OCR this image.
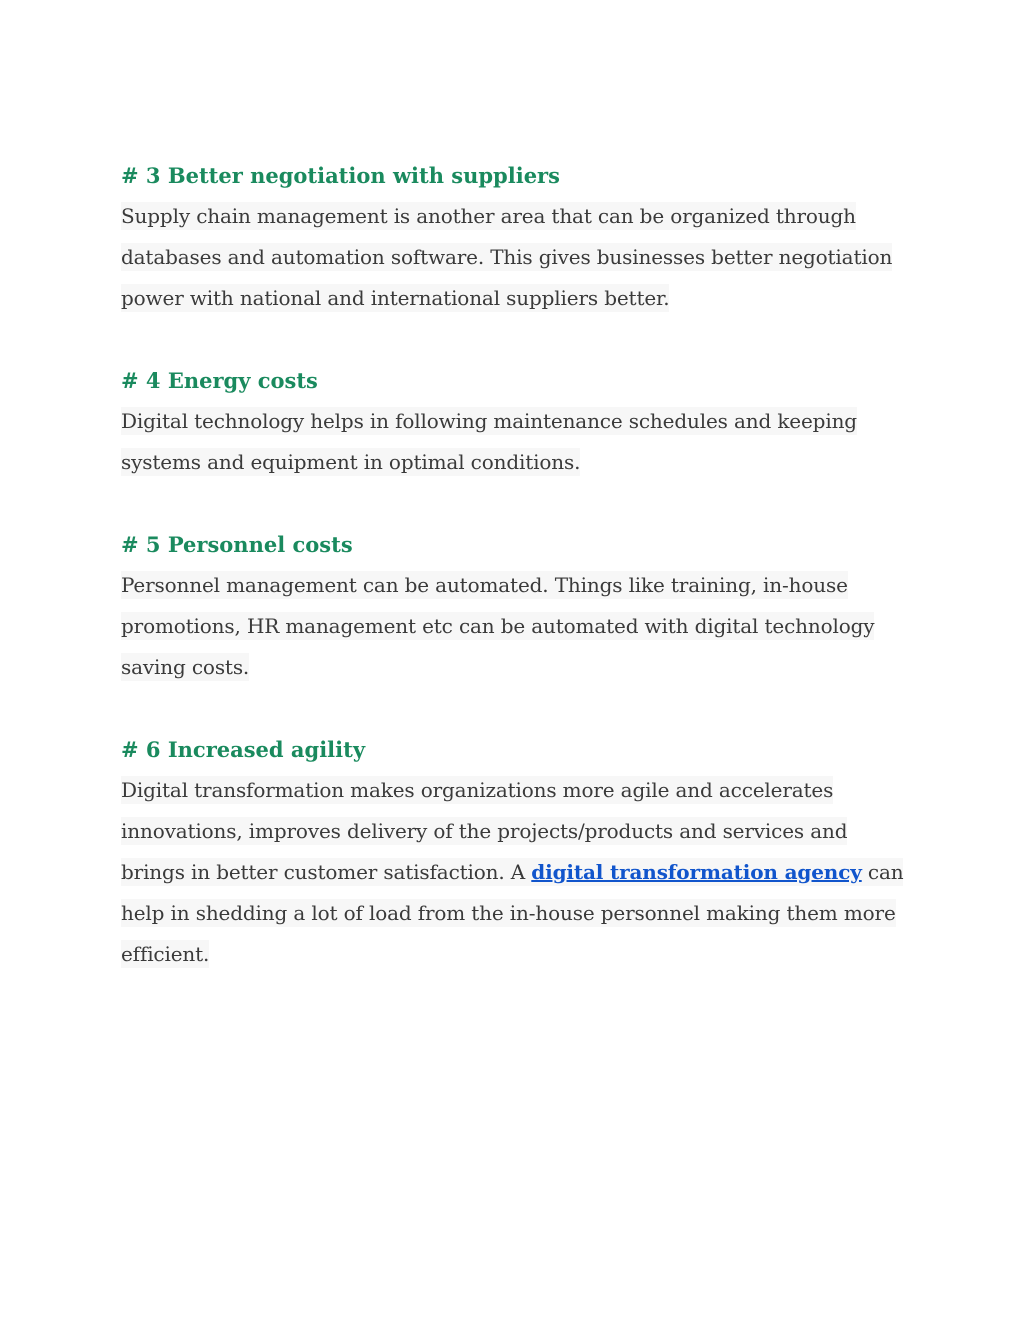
# 3 Better negotiation with suppliers
Supply chain management is another area that can be organized through
databases and automation software. This gives businesses better negotiation
power with national and international suppliers better.
# 4 Energy costs
Digital technology helps in following maintenance schedules and keeping
systems and equipment in optimal conditions.
# 5 Personnel costs
Personnel management can be automated. Things like training, in-house
promotions, HR management etc can be automated with digital technology
saving costs.
# 6 Increased agility
Digital transformation makes organizations more agile and accelerates
innovations, improves delivery of the projects/products and services and
brings in better customer satisfaction. A digital transformation agency can
help in shedding a lot of load from the in-house personnel making them more
efficient.
